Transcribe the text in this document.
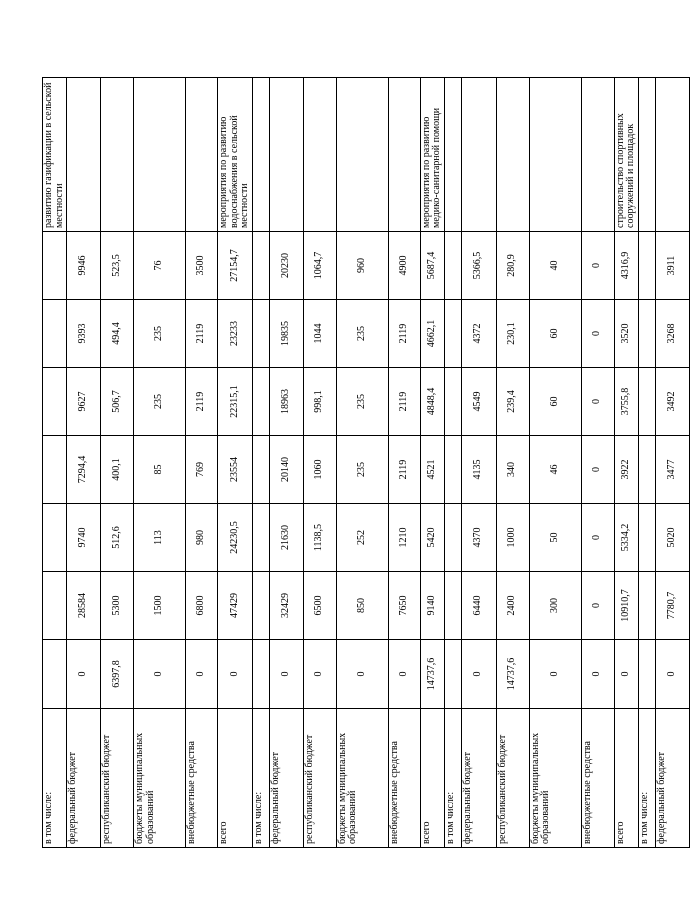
в том числе:								развитию газификации в сельской местности
федеральный бюджет	0	28584	9740	7294,4	9627	9393	9946	
республиканский бюджет	6397,8	5300	512,6	400,1	506,7	494,4	523,5	
бюджеты муниципальных образований	0	1500	113	85	235	235	76	
внебюджетные средства	0	6800	980	769	2119	2119	3500	
всего	0	47429	24230,5	23554	22315,1	23233	27154,7	мероприятия по развитию водоснабжения в сельской местности
в том числе:								
федеральный бюджет	0	32429	21630	20140	18963	19835	20230	
республиканский бюджет	0	6500	1138,5	1060	998,1	1044	1064,7	
бюджеты муниципальных образований	0	850	252	235	235	235	960	
внебюджетные средства	0	7650	1210	2119	2119	2119	4900	
всего	14737,6	9140	5420	4521	4848,4	4662,1	5687,4	мероприятия по развитию медико-санитарной помощи
в том числе:								
федеральный бюджет	0	6440	4370	4135	4549	4372	5366,5	
республиканский бюджет	14737,6	2400	1000	340	239,4	230,1	280,9	
бюджеты муниципальных образований	0	300	50	46	60	60	40	
внебюджетные средства	0	0	0	0	0	0	0	
всего	0	10910,7	5334,2	3922	3755,8	3520	4316,9	строительство спортивных сооружений и площадок
в том числе:								
федеральный бюджет	0	7780,7	5020	3477	3492	3268	3911	
